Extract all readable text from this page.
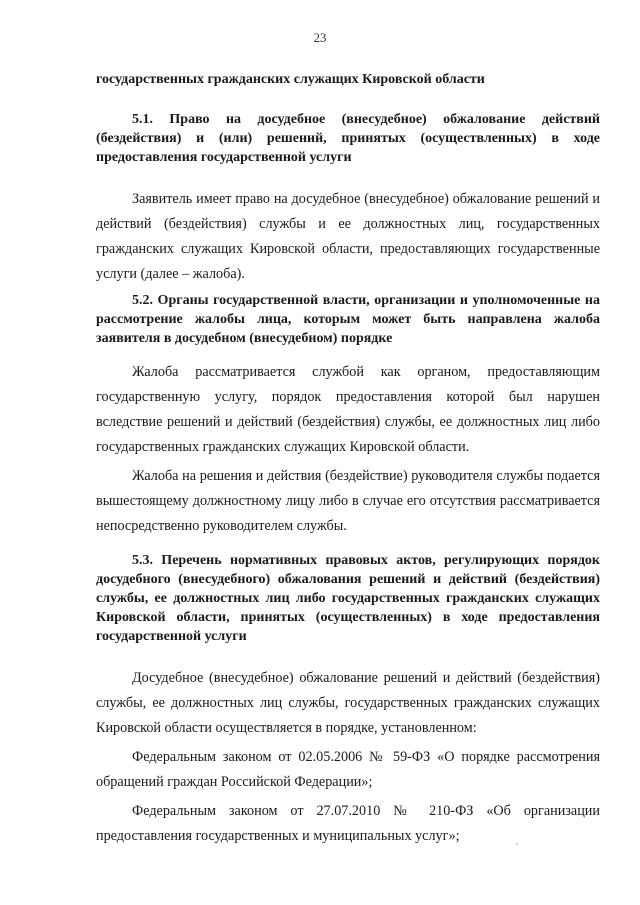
23

государственных гражданских служащих Кировской области

5.1. Право на досудебное (внесудебное) обжалование действий (бездействия) и (или) решений, принятых (осуществленных) в ходе предоставления государственной услуги

Заявитель имеет право на досудебное (внесудебное) обжалование решений и действий (бездействия) службы и ее должностных лиц, государственных гражданских служащих Кировской области, предоставляющих государственные услуги (далее – жалоба).

5.2. Органы государственной власти, организации и уполномоченные на рассмотрение жалобы лица, которым может быть направлена жалоба заявителя в досудебном (внесудебном) порядке

Жалоба рассматривается службой как органом, предоставляющим государственную услугу, порядок предоставления которой был нарушен вследствие решений и действий (бездействия) службы, ее должностных лиц либо государственных гражданских служащих Кировской области.

Жалоба на решения и действия (бездействие) руководителя службы подается вышестоящему должностному лицу либо в случае его отсутствия рассматривается непосредственно руководителем службы.

5.3. Перечень нормативных правовых актов, регулирующих порядок досудебного (внесудебного) обжалования решений и действий (бездействия) службы, ее должностных лиц либо государственных гражданских служащих Кировской области, принятых (осуществленных) в ходе предоставления государственной услуги

Досудебное (внесудебное) обжалование решений и действий (бездействия) службы, ее должностных лиц службы, государственных гражданских служащих Кировской области осуществляется в порядке, установленном:

Федеральным законом от 02.05.2006 № 59-ФЗ «О порядке рассмотрения обращений граждан Российской Федерации»;

Федеральным законом от 27.07.2010 № 210-ФЗ «Об организации предоставления государственных и муниципальных услуг»;
